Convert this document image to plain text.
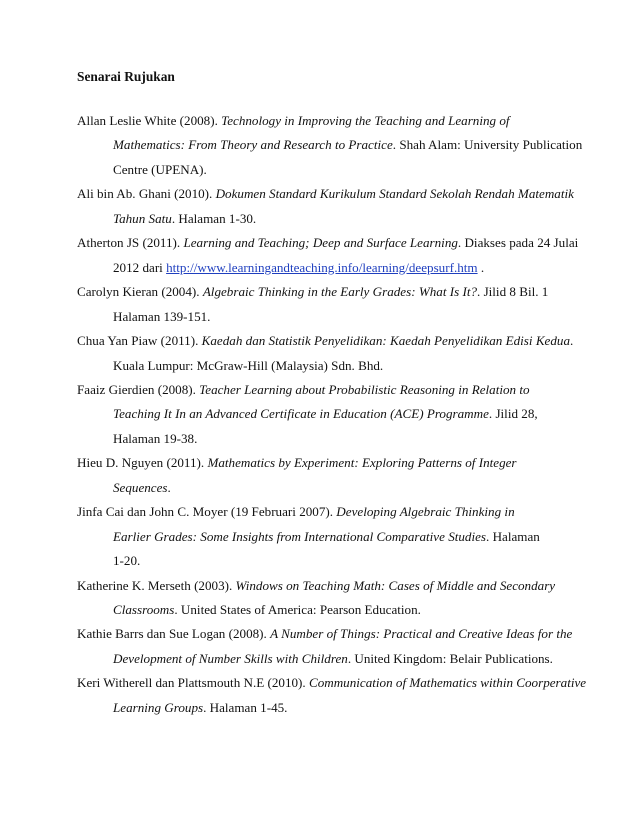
Senarai Rujukan
Allan Leslie White (2008). Technology in Improving the Teaching and Learning of
Mathematics: From Theory and Research to Practice. Shah Alam: University Publication
Centre (UPENA).
Ali bin Ab. Ghani (2010). Dokumen Standard Kurikulum Standard Sekolah Rendah Matematik
Tahun Satu. Halaman 1-30.
Atherton JS (2011). Learning and Teaching; Deep and Surface Learning. Diakses pada 24 Julai
2012 dari http://www.learningandteaching.info/learning/deepsurf.htm .
Carolyn Kieran (2004). Algebraic Thinking in the Early Grades: What Is It?. Jilid 8 Bil. 1
Halaman 139-151.
Chua Yan Piaw (2011). Kaedah dan Statistik Penyelidikan: Kaedah Penyelidikan Edisi Kedua.
Kuala Lumpur: McGraw-Hill (Malaysia) Sdn. Bhd.
Faaiz Gierdien (2008). Teacher Learning about Probabilistic Reasoning in Relation to
Teaching It In an Advanced Certificate in Education (ACE) Programme. Jilid 28,
Halaman 19-38.
Hieu D. Nguyen (2011). Mathematics by Experiment: Exploring Patterns of Integer
Sequences.
Jinfa Cai dan John C. Moyer (19 Februari 2007). Developing Algebraic Thinking in
Earlier Grades: Some Insights from International Comparative Studies. Halaman
1-20.
Katherine K. Merseth (2003). Windows on Teaching Math: Cases of Middle and Secondary
Classrooms. United States of America: Pearson Education.
Kathie Barrs dan Sue Logan (2008). A Number of Things: Practical and Creative Ideas for the
Development of Number Skills with Children. United Kingdom: Belair Publications.
Keri Witherell dan Plattsmouth N.E (2010). Communication of Mathematics within Coorperative
Learning Groups. Halaman 1-45.
